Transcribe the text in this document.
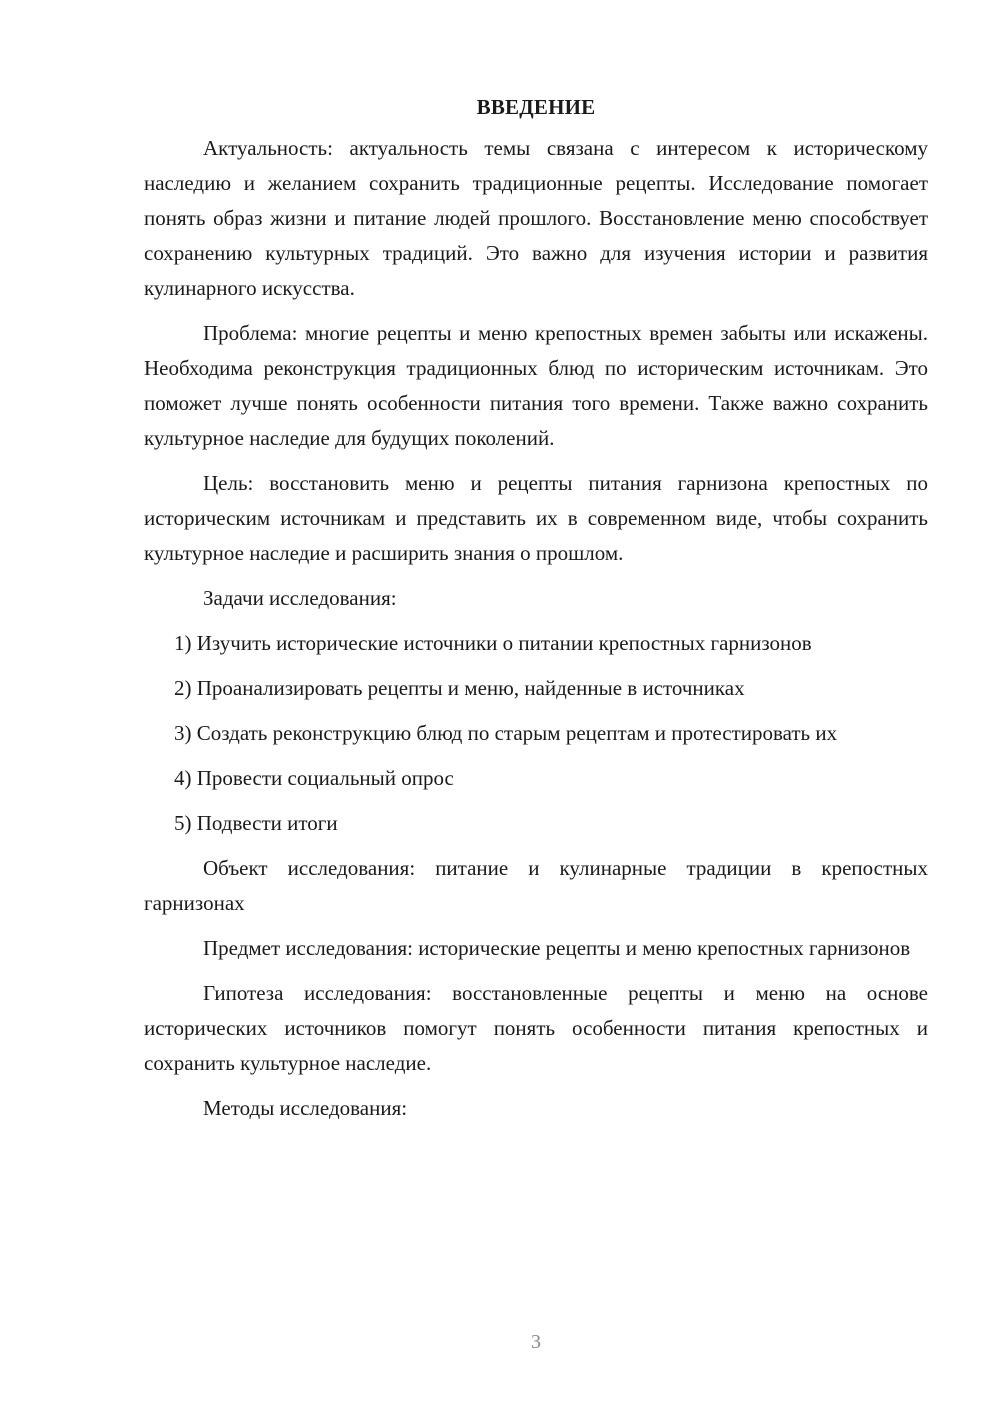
ВВЕДЕНИЕ

Актуальность: актуальность темы связана с интересом к историческому наследию и желанием сохранить традиционные рецепты. Исследование помогает понять образ жизни и питание людей прошлого. Восстановление меню способствует сохранению культурных традиций. Это важно для изучения истории и развития кулинарного искусства.

Проблема: многие рецепты и меню крепостных времен забыты или искажены. Необходима реконструкция традиционных блюд по историческим источникам. Это поможет лучше понять особенности питания того времени. Также важно сохранить культурное наследие для будущих поколений.

Цель: восстановить меню и рецепты питания гарнизона крепостных по историческим источникам и представить их в современном виде, чтобы сохранить культурное наследие и расширить знания о прошлом.

Задачи исследования:

1) Изучить исторические источники о питании крепостных гарнизонов

2) Проанализировать рецепты и меню, найденные в источниках

3) Создать реконструкцию блюд по старым рецептам и протестировать их

4) Провести социальный опрос

5) Подвести итоги

Объект исследования: питание и кулинарные традиции в крепостных гарнизонах

Предмет исследования: исторические рецепты и меню крепостных гарнизонов

Гипотеза исследования: восстановленные рецепты и меню на основе исторических источников помогут понять особенности питания крепостных и сохранить культурное наследие.

Методы исследования:

3
